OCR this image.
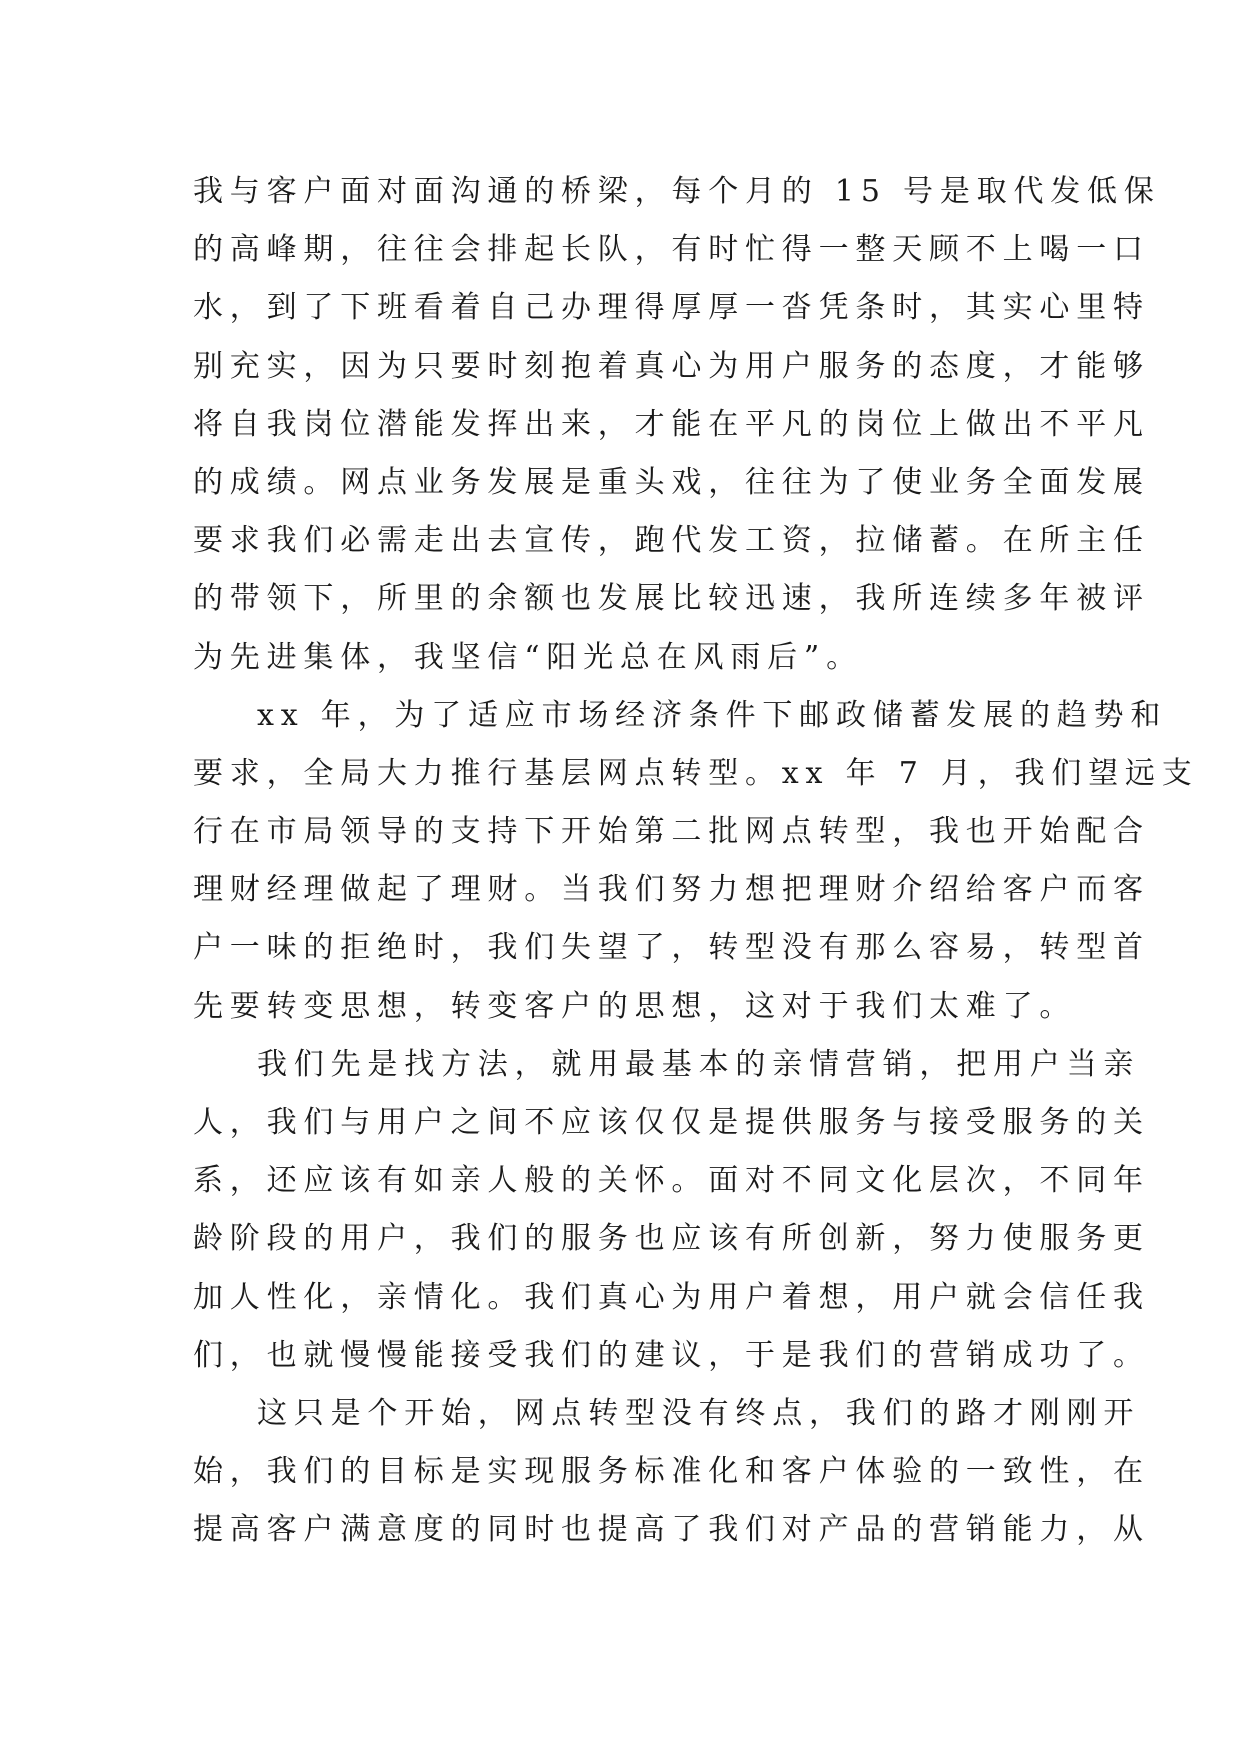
我与客户面对面沟通的桥梁，每个月的 15 号是取代发低保
的高峰期，往往会排起长队，有时忙得一整天顾不上喝一口
水，到了下班看着自己办理得厚厚一沓凭条时，其实心里特
别充实，因为只要时刻抱着真心为用户服务的态度，才能够
将自我岗位潜能发挥出来，才能在平凡的岗位上做出不平凡
的成绩。网点业务发展是重头戏，往往为了使业务全面发展
要求我们必需走出去宣传，跑代发工资，拉储蓄。在所主任
的带领下，所里的余额也发展比较迅速，我所连续多年被评
为先进集体，我坚信“阳光总在风雨后”。
xx 年，为了适应市场经济条件下邮政储蓄发展的趋势和
要求，全局大力推行基层网点转型。xx 年 7 月，我们望远支
行在市局领导的支持下开始第二批网点转型，我也开始配合
理财经理做起了理财。当我们努力想把理财介绍给客户而客
户一味的拒绝时，我们失望了，转型没有那么容易，转型首
先要转变思想，转变客户的思想，这对于我们太难了。
我们先是找方法，就用最基本的亲情营销，把用户当亲
人，我们与用户之间不应该仅仅是提供服务与接受服务的关
系，还应该有如亲人般的关怀。面对不同文化层次，不同年
龄阶段的用户，我们的服务也应该有所创新，努力使服务更
加人性化，亲情化。我们真心为用户着想，用户就会信任我
们，也就慢慢能接受我们的建议，于是我们的营销成功了。
这只是个开始，网点转型没有终点，我们的路才刚刚开
始，我们的目标是实现服务标准化和客户体验的一致性，在
提高客户满意度的同时也提高了我们对产品的营销能力，从
